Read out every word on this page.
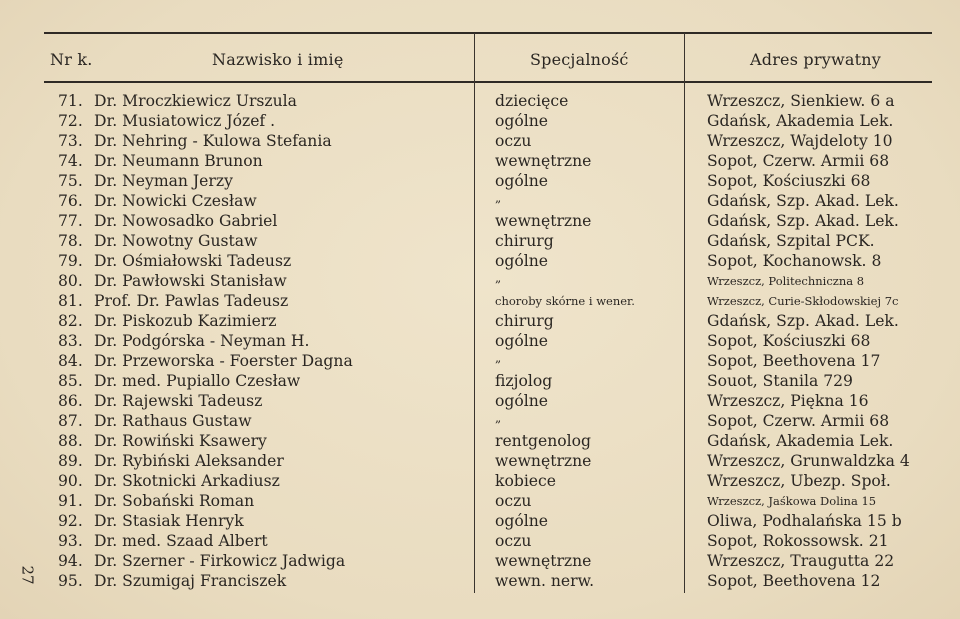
Nr k.	Nazwisko i imię	Specjalność	Adres prywatny
71. Dr. Mroczkiewicz Urszula	dziecięce	Wrzeszcz, Sienkiew. 6 a
72. Dr. Musiatowicz Józef .	ogólne	Gdańsk, Akademia Lek.
73. Dr. Nehring - Kulowa Stefania	oczu	Wrzeszcz, Wajdeloty 10
74. Dr. Neumann Brunon	wewnętrzne	Sopot, Czerw. Armii 68
75. Dr. Neyman Jerzy	ogólne	Sopot, Kościuszki 68
76. Dr. Nowicki Czesław	„	Gdańsk, Szp. Akad. Lek.
77. Dr. Nowosadko Gabriel	wewnętrzne	Gdańsk, Szp. Akad. Lek.
78. Dr. Nowotny Gustaw	chirurg	Gdańsk, Szpital PCK.
79. Dr. Ośmiałowski Tadeusz	ogólne	Sopot, Kochanowsk. 8
80. Dr. Pawłowski Stanisław	„	Wrzeszcz, Politechniczna 8
81. Prof. Dr. Pawlas Tadeusz	choroby skórne i wener.	Wrzeszcz, Curie-Skłodowskiej 7c
82. Dr. Piskozub Kazimierz	chirurg	Gdańsk, Szp. Akad. Lek.
83. Dr. Podgórska - Neyman H.	ogólne	Sopot, Kościuszki 68
84. Dr. Przeworska - Foerster Dagna	„	Sopot, Beethovena 17
85. Dr. med. Pupiallo Czesław	fizjolog	Souot, Stanila 729
86. Dr. Rajewski Tadeusz	ogólne	Wrzeszcz, Piękna 16
87. Dr. Rathaus Gustaw	„	Sopot, Czerw. Armii 68
88. Dr. Rowiński Ksawery	rentgenolog	Gdańsk, Akademia Lek.
89. Dr. Rybiński Aleksander	wewnętrzne	Wrzeszcz, Grunwaldzka 4
90. Dr. Skotnicki Arkadiusz	kobiece	Wrzeszcz, Ubezp. Społ.
91. Dr. Sobański Roman	oczu	Wrzeszcz, Jaśkowa Dolina 15
92. Dr. Stasiak Henryk	ogólne	Oliwa, Podhalańska 15 b
93. Dr. med. Szaad Albert	oczu	Sopot, Rokossowsk. 21
94. Dr. Szerner - Firkowicz Jadwiga	wewnętrzne	Wrzeszcz, Traugutta 22
95. Dr. Szumigaj Franciszek	wewn. nerw.	Sopot, Beethovena 12
27
